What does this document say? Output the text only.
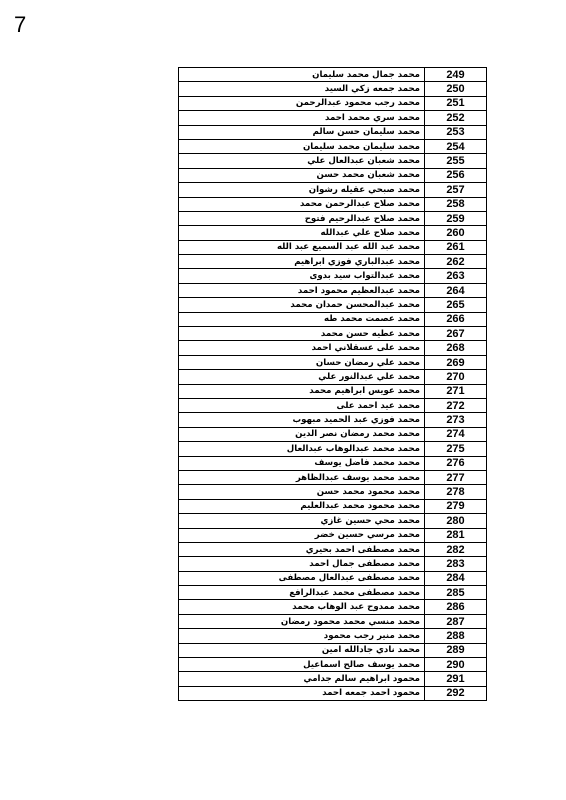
7
محمد جمال محمد سليمان	249
محمد جمعه زكي السيد	250
محمد رجب محمود عبدالرحمن	251
محمد سري محمد احمد	252
محمد سليمان حسن سالم	253
محمد سليمان محمد سليمان	254
محمد شعبان عبدالعال علي	255
محمد شعبان محمد حسن	256
محمد صبحي عقيله رشوان	257
محمد صلاح عبدالرحمن محمد	258
محمد صلاح عبدالرحيم فتوح	259
محمد صلاح علي عبدالله	260
محمد عبد الله عبد السميع عبد الله	261
محمد عبدالباري فوزي ابراهيم	262
محمد عبدالتواب سيد بدوى	263
محمد عبدالعظيم محمود احمد	264
محمد عبدالمحسن حمدان محمد	265
محمد عصمت محمد طه	266
محمد عطيه حسن محمد	267
محمد على عسقلاني احمد	268
محمد علي رمضان حسان	269
محمد علي عبدالنور علي	270
محمد عويس ابراهيم محمد	271
محمد عيد احمد على	272
محمد فوزي عبد الحميد مبهوب	273
محمد محمد رمضان نصر الدين	274
محمد محمد عبدالوهاب عبدالعال	275
محمد محمد فاضل يوسف	276
محمد محمد يوسف عبدالظاهر	277
محمد محمود محمد حسن	278
محمد محمود محمد عبدالعليم	279
محمد محي حسين غازي	280
محمد مرسي حسين خضر	281
محمد مصطفى احمد بحيري	282
محمد مصطفى جمال احمد	283
محمد مصطفى عبدالعال مصطفى	284
محمد مصطفى محمد عبدالرافع	285
محمد ممدوح عبد الوهاب محمد	286
محمد منسي محمد محمود رمضان	287
محمد منير رجب محمود	288
محمد نادي جادالله امين	289
محمد يوسف صالح اسماعيل	290
محمود ابراهيم سالم جدامي	291
محمود احمد جمعه احمد	292
